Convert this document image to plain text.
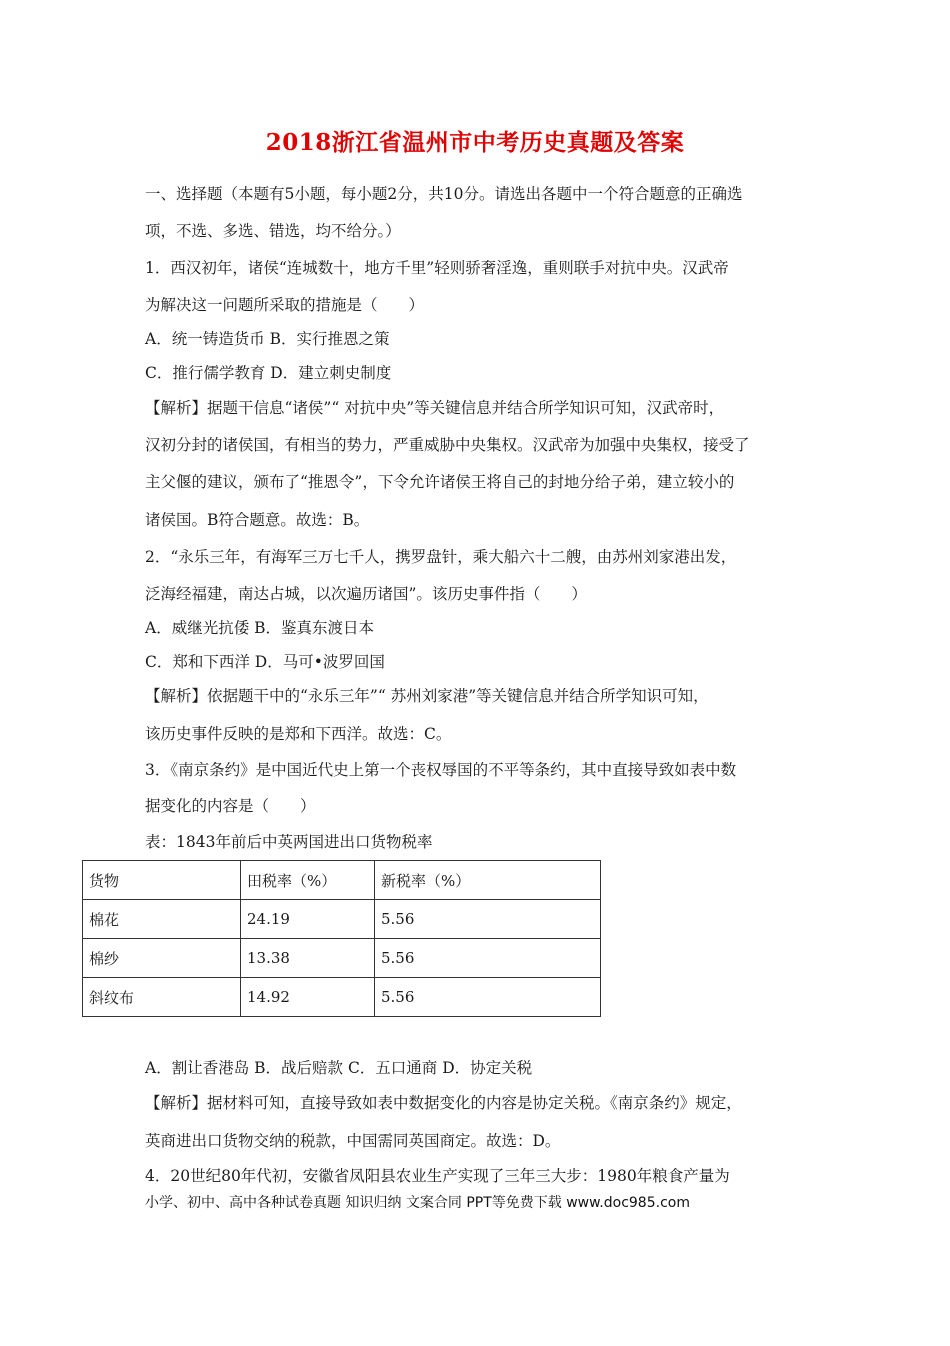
2018浙江省温州市中考历史真题及答案
一、选择题（本题有5小题，每小题2分，共10分。请选出各题中一个符合题意的正确选
项，不选、多选、错选，均不给分。）
1．西汉初年，诸侯“连城数十，地方千里”轻则骄奢淫逸，重则联手对抗中央。汉武帝
为解决这一问题所采取的措施是（　　）
A．统一铸造货币 B．实行推恩之策
C．推行儒学教育 D．建立刺史制度
【解析】据题干信息“诸侯”“ 对抗中央”等关键信息并结合所学知识可知，汉武帝时，
汉初分封的诸侯国，有相当的势力，严重威胁中央集权。汉武帝为加强中央集权，接受了
主父偃的建议，颁布了“推恩令”，下令允许诸侯王将自己的封地分给子弟，建立较小的
诸侯国。B符合题意。故选：B。
2．“永乐三年，有海军三万七千人，携罗盘针，乘大船六十二艘，由苏州刘家港出发，
泛海经福建，南达占城，以次遍历诸国”。该历史事件指（　　）
A．威继光抗倭 B．鉴真东渡日本
C．郑和下西洋 D．马可•波罗回国
【解析】依据题干中的“永乐三年”“ 苏州刘家港”等关键信息并结合所学知识可知，
该历史事件反映的是郑和下西洋。故选：C。
3．《南京条约》是中国近代史上第一个丧权辱国的不平等条约，其中直接导致如表中数
据变化的内容是（　　）
表：1843年前后中英两国进出口货物税率
货物	田税率（%）	新税率（%）
棉花	24.19	5.56
棉纱	13.38	5.56
斜纹布	14.92	5.56
A．割让香港岛 B．战后赔款 C．五口通商 D．协定关税
【解析】据材料可知，直接导致如表中数据变化的内容是协定关税。《南京条约》规定，
英商进出口货物交纳的税款，中国需同英国商定。故选：D。
4．20世纪80年代初，安徽省凤阳县农业生产实现了三年三大步：1980年粮食产量为
小学、初中、高中各种试卷真题 知识归纳 文案合同 PPT等免费下载 www.doc985.com
